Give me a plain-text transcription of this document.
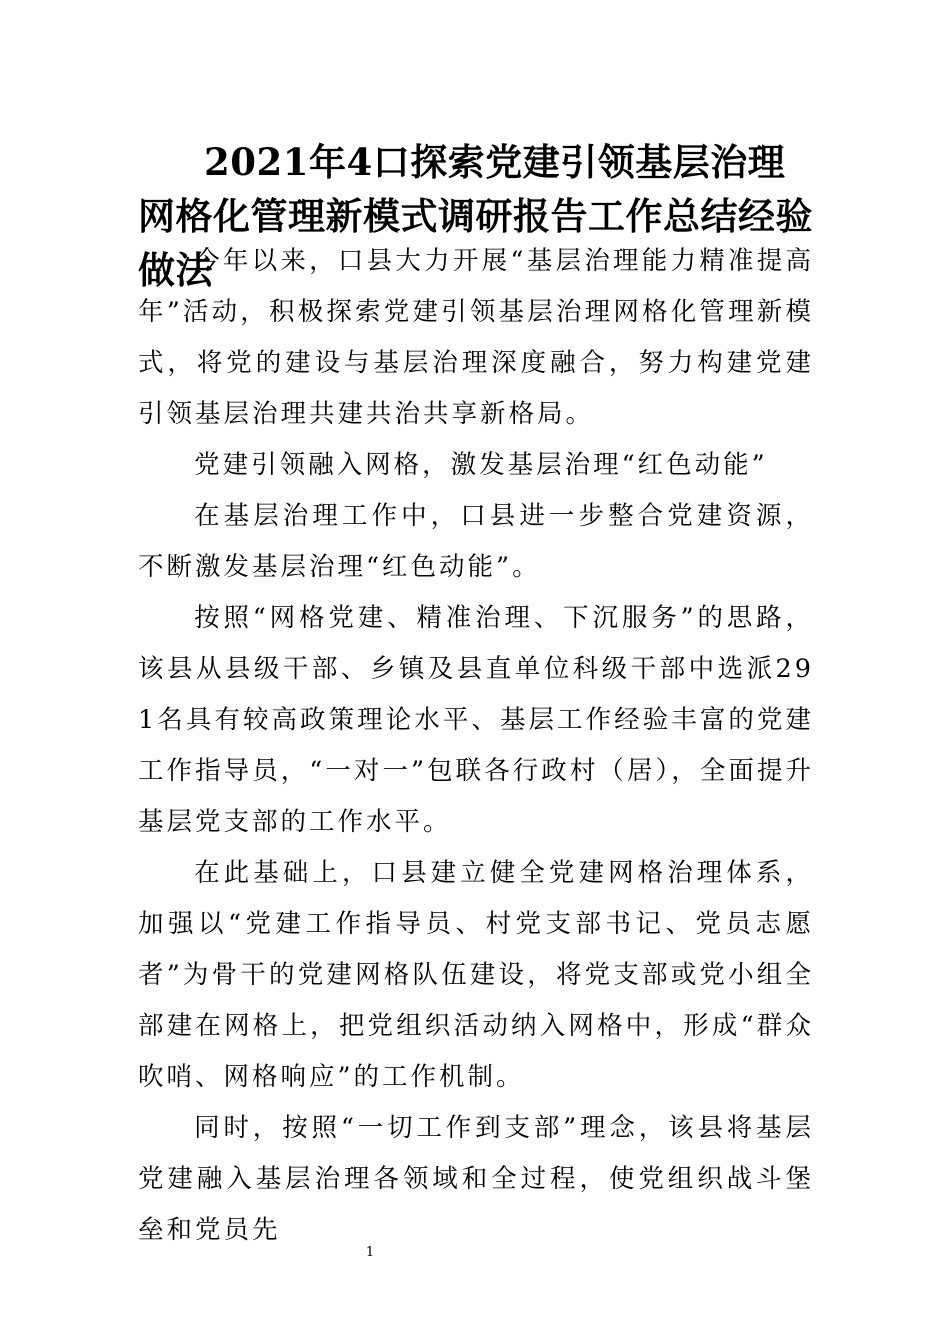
2021年4口探索党建引领基层治理网格化管理新模式调研报告工作总结经验做法

今年以来，口县大力开展“基层治理能力精准提高年”活动，积极探索党建引领基层治理网格化管理新模式，将党的建设与基层治理深度融合，努力构建党建引领基层治理共建共治共享新格局。

党建引领融入网格，激发基层治理“红色动能”

在基层治理工作中，口县进一步整合党建资源，不断激发基层治理“红色动能”。

按照“网格党建、精准治理、下沉服务”的思路，该县从县级干部、乡镇及县直单位科级干部中选派291名具有较高政策理论水平、基层工作经验丰富的党建工作指导员，“一对一”包联各行政村（居），全面提升基层党支部的工作水平。

在此基础上，口县建立健全党建网格治理体系，加强以“党建工作指导员、村党支部书记、党员志愿者”为骨干的党建网格队伍建设，将党支部或党小组全部建在网格上，把党组织活动纳入网格中，形成“群众吹哨、网格响应”的工作机制。

同时，按照“一切工作到支部”理念，该县将基层党建融入基层治理各领域和全过程，使党组织战斗堡垒和党员先

1
